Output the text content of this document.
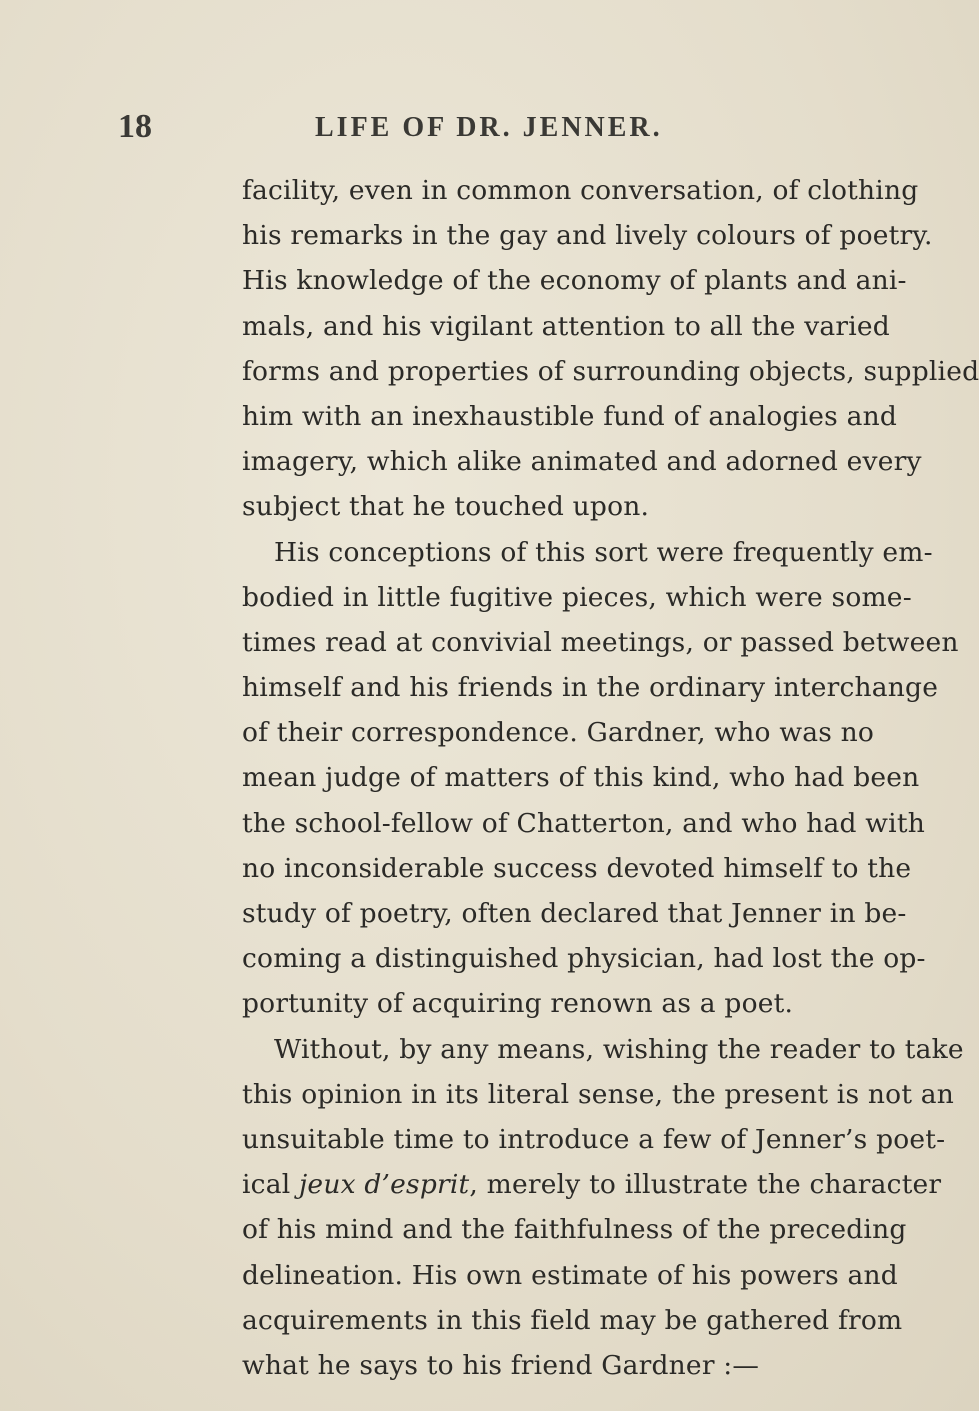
18	LIFE OF DR. JENNER.
facility, even in common conversation, of clothing
his remarks in the gay and lively colours of poetry.
His knowledge of the economy of plants and ani-
mals, and his vigilant attention to all the varied
forms and properties of surrounding objects, supplied
him with an inexhaustible fund of analogies and
imagery, which alike animated and adorned every
subject that he touched upon.
His conceptions of this sort were frequently em-
bodied in little fugitive pieces, which were some-
times read at convivial meetings, or passed between
himself and his friends in the ordinary interchange
of their correspondence. Gardner, who was no
mean judge of matters of this kind, who had been
the school-fellow of Chatterton, and who had with
no inconsiderable success devoted himself to the
study of poetry, often declared that Jenner in be-
coming a distinguished physician, had lost the op-
portunity of acquiring renown as a poet.
Without, by any means, wishing the reader to take
this opinion in its literal sense, the present is not an
unsuitable time to introduce a few of Jenner’s poet-
ical jeux d’esprit, merely to illustrate the character
of his mind and the faithfulness of the preceding
delineation. His own estimate of his powers and
acquirements in this field may be gathered from
what he says to his friend Gardner :—
